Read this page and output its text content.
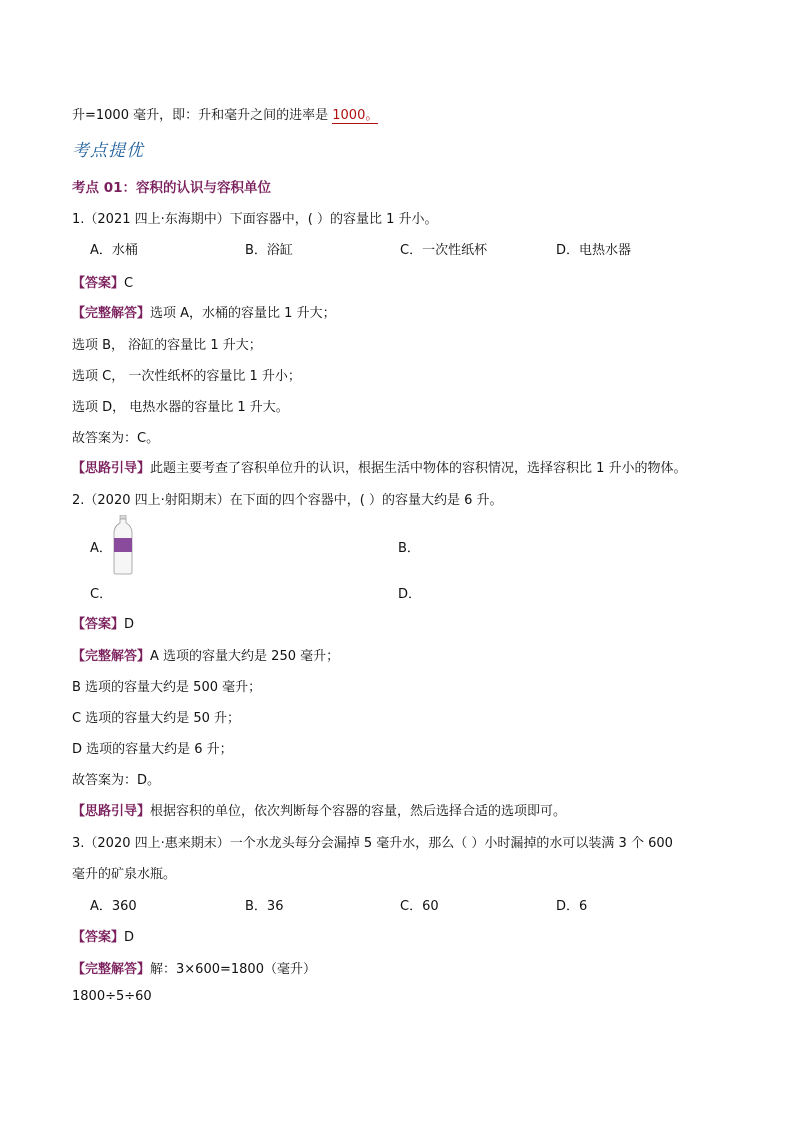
升=1000 毫升，即：升和毫升之间的进率是 1000。
考点提优
考点 01：容积的认识与容积单位
1.（2021 四上·东海期中）下面容器中，( ）的容量比 1 升小。
A．水桶	B．浴缸	C．一次性纸杯	D．电热水器
【答案】C
【完整解答】选项 A，水桶的容量比 1 升大；
选项 B， 浴缸的容量比 1 升大；
选项 C， 一次性纸杯的容量比 1 升小；
选项 D， 电热水器的容量比 1 升大。
故答案为：C。
【思路引导】此题主要考查了容积单位升的认识，根据生活中物体的容积情况，选择容积比 1 升小的物体。
2.（2020 四上·射阳期末）在下面的四个容器中，( ）的容量大约是 6 升。
A．	B．
C．	D．
【答案】D
【完整解答】A 选项的容量大约是 250 毫升；
B 选项的容量大约是 500 毫升；
C 选项的容量大约是 50 升；
D 选项的容量大约是 6 升；
故答案为：D。
【思路引导】根据容积的单位，依次判断每个容器的容量，然后选择合适的选项即可。
3.（2020 四上·惠来期末）一个水龙头每分会漏掉 5 毫升水，那么（ ）小时漏掉的水可以装满 3 个 600
毫升的矿泉水瓶。
A．360	B．36	C．60	D．6
【答案】D
【完整解答】解：3×600=1800（毫升）
1800÷5÷60
